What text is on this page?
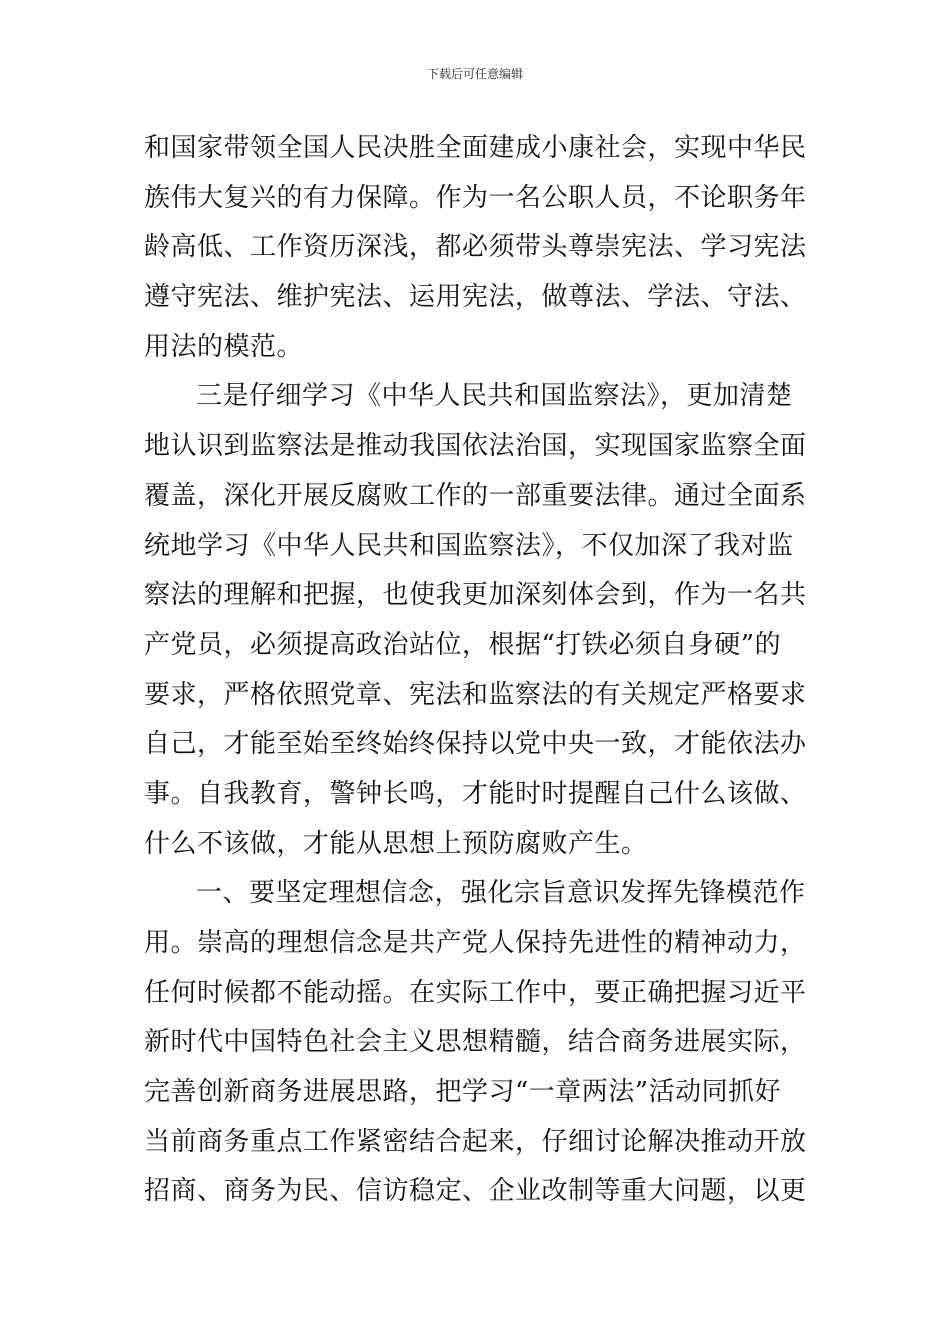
下载后可任意编辑
和国家带领全国人民决胜全面建成小康社会，实现中华民
族伟大复兴的有力保障。作为一名公职人员，不论职务年
龄高低、工作资历深浅，都必须带头尊崇宪法、学习宪法
遵守宪法、维护宪法、运用宪法，做尊法、学法、守法、
用法的模范。
三是仔细学习《中华人民共和国监察法》，更加清楚
地认识到监察法是推动我国依法治国，实现国家监察全面
覆盖，深化开展反腐败工作的一部重要法律。通过全面系
统地学习《中华人民共和国监察法》，不仅加深了我对监
察法的理解和把握，也使我更加深刻体会到，作为一名共
产党员，必须提高政治站位，根据“打铁必须自身硬”的
要求，严格依照党章、宪法和监察法的有关规定严格要求
自己，才能至始至终始终保持以党中央一致，才能依法办
事。自我教育，警钟长鸣，才能时时提醒自己什么该做、
什么不该做，才能从思想上预防腐败产生。
一、要坚定理想信念，强化宗旨意识发挥先锋模范作
用。崇高的理想信念是共产党人保持先进性的精神动力，
任何时候都不能动摇。在实际工作中，要正确把握习近平
新时代中国特色社会主义思想精髓，结合商务进展实际，
完善创新商务进展思路，把学习“一章两法”活动同抓好
当前商务重点工作紧密结合起来，仔细讨论解决推动开放
招商、商务为民、信访稳定、企业改制等重大问题，以更
